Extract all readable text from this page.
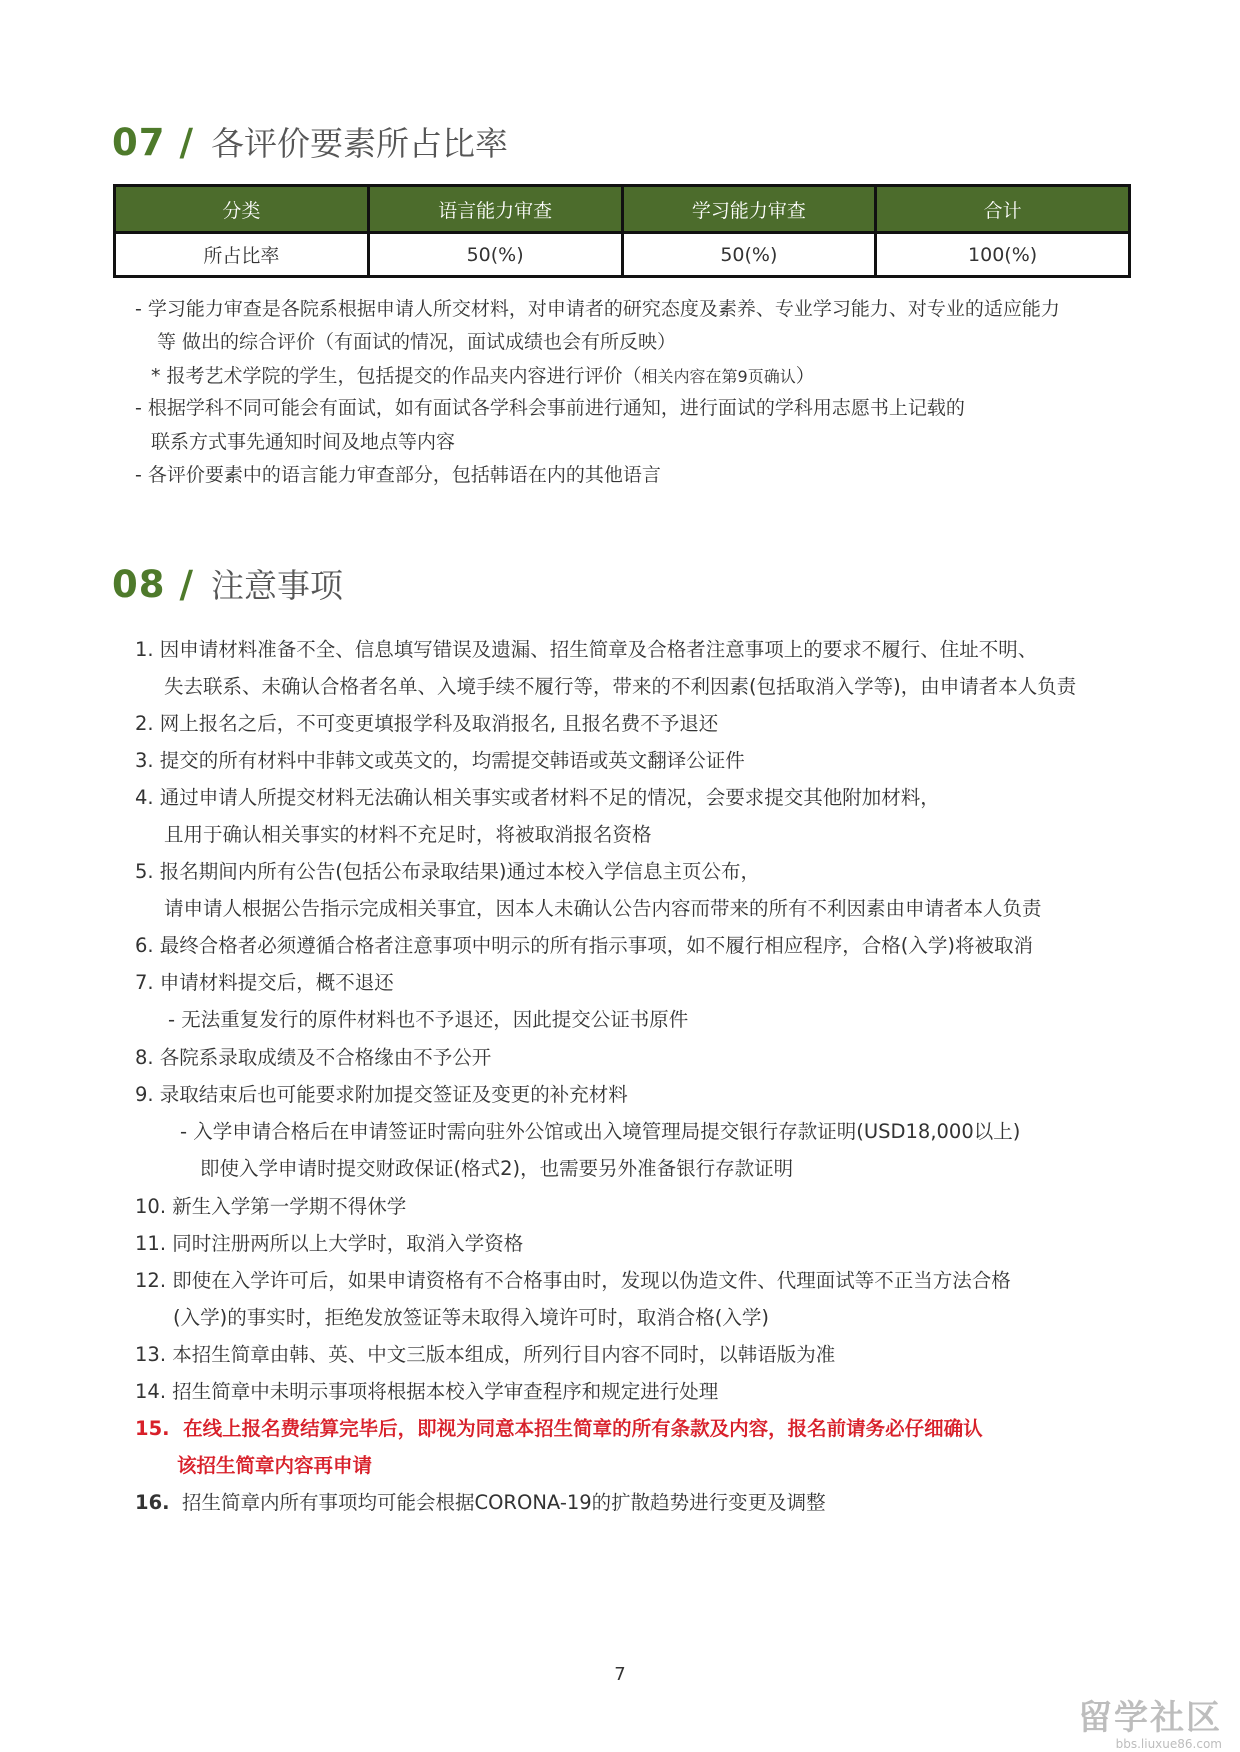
07 / 各评价要素所占比率
分类	语言能力审查	学习能力审查	合计
所占比率	50(%)	50(%)	100(%)
- 学习能力审查是各院系根据申请人所交材料，对申请者的研究态度及素养、专业学习能力、对专业的适应能力
等 做出的综合评价（有面试的情况，面试成绩也会有所反映）
* 报考艺术学院的学生，包括提交的作品夹内容进行评价（相关内容在第9页确认）
- 根据学科不同可能会有面试，如有面试各学科会事前进行通知，进行面试的学科用志愿书上记载的
联系方式事先通知时间及地点等内容
- 各评价要素中的语言能力审查部分，包括韩语在内的其他语言
08 / 注意事项
1. 因申请材料准备不全、信息填写错误及遗漏、招生简章及合格者注意事项上的要求不履行、住址不明、
失去联系、未确认合格者名单、入境手续不履行等，带来的不利因素(包括取消入学等)，由申请者本人负责
2. 网上报名之后，不可变更填报学科及取消报名, 且报名费不予退还
3. 提交的所有材料中非韩文或英文的，均需提交韩语或英文翻译公证件
4. 通过申请人所提交材料无法确认相关事实或者材料不足的情况，会要求提交其他附加材料，
且用于确认相关事实的材料不充足时，将被取消报名资格
5. 报名期间内所有公告(包括公布录取结果)通过本校入学信息主页公布，
请申请人根据公告指示完成相关事宜，因本人未确认公告内容而带来的所有不利因素由申请者本人负责
6. 最终合格者必须遵循合格者注意事项中明示的所有指示事项，如不履行相应程序，合格(入学)将被取消
7. 申请材料提交后，概不退还
- 无法重复发行的原件材料也不予退还，因此提交公证书原件
8. 各院系录取成绩及不合格缘由不予公开
9. 录取结束后也可能要求附加提交签证及变更的补充材料
- 入学申请合格后在申请签证时需向驻外公馆或出入境管理局提交银行存款证明(USD18,000以上)
即使入学申请时提交财政保证(格式2)，也需要另外准备银行存款证明
10. 新生入学第一学期不得休学
11. 同时注册两所以上大学时，取消入学资格
12. 即使在入学许可后，如果申请资格有不合格事由时，发现以伪造文件、代理面试等不正当方法合格
(入学)的事实时，拒绝发放签证等未取得入境许可时，取消合格(入学)
13. 本招生简章由韩、英、中文三版本组成，所列行目内容不同时，以韩语版为准
14. 招生简章中未明示事项将根据本校入学审查程序和规定进行处理
15. 在线上报名费结算完毕后，即视为同意本招生简章的所有条款及内容，报名前请务必仔细确认
该招生简章内容再申请
16. 招生简章内所有事项均可能会根据CORONA-19的扩散趋势进行变更及调整
7
留学社区
bbs.liuxue86.com
